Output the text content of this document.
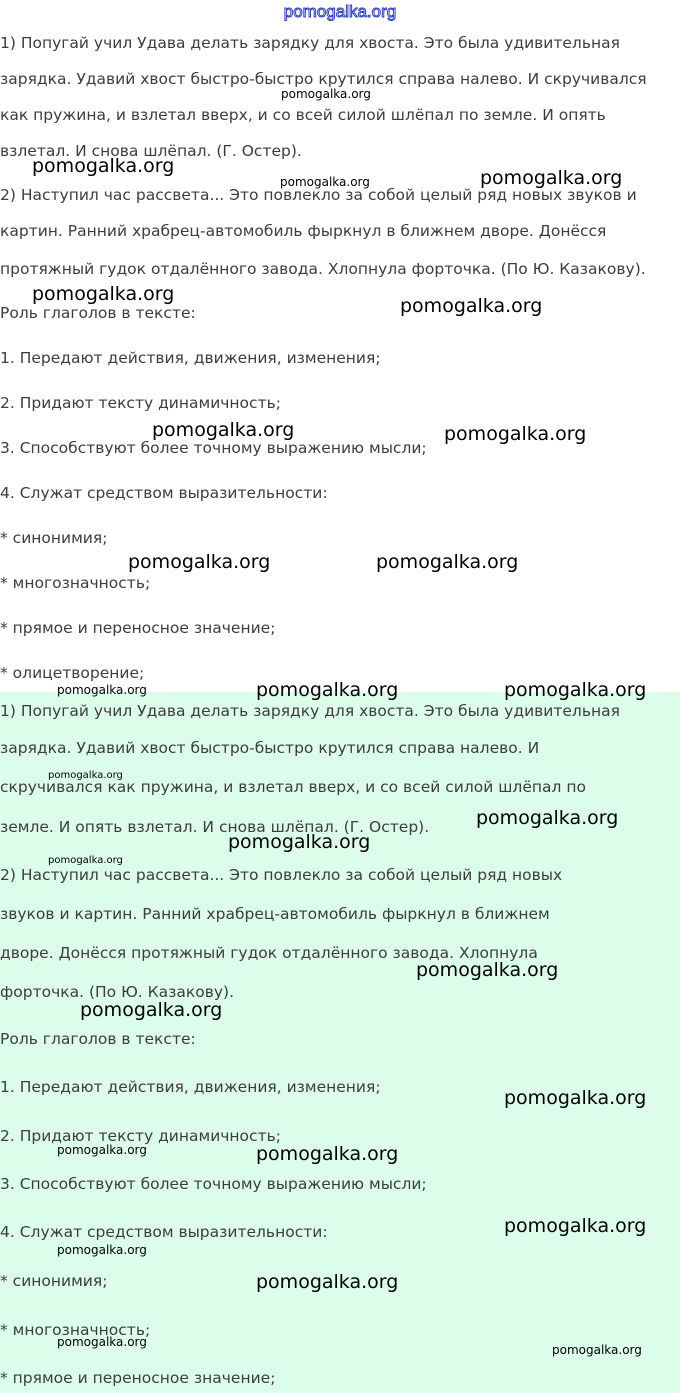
pomogalka.org
1) Попугай учил Удава делать зарядку для хвоста. Это была удивительная
зарядка. Удавий хвост быстро-быстро крутился справа налево. И скручивался
как пружина, и взлетал вверх, и со всей силой шлёпал по земле. И опять
взлетал. И снова шлёпал. (Г. Остер).
2) Наступил час рассвета... Это повлекло за собой целый ряд новых звуков и
картин. Ранний храбрец-автомобиль фыркнул в ближнем дворе. Донёсся
протяжный гудок отдалённого завода. Хлопнула форточка. (По Ю. Казакову).
Роль глаголов в тексте:
1. Передают действия, движения, изменения;
2. Придают тексту динамичность;
3. Способствуют более точному выражению мысли;
4. Служат средством выразительности:
* синонимия;
* многозначность;
* прямое и переносное значение;
* олицетворение;
1) Попугай учил Удава делать зарядку для хвоста. Это была удивительная
зарядка. Удавий хвост быстро-быстро крутился справа налево. И
скручивался как пружина, и взлетал вверх, и со всей силой шлёпал по
земле. И опять взлетал. И снова шлёпал. (Г. Остер).
2) Наступил час рассвета... Это повлекло за собой целый ряд новых
звуков и картин. Ранний храбрец-автомобиль фыркнул в ближнем
дворе. Донёсся протяжный гудок отдалённого завода. Хлопнула
форточка. (По Ю. Казакову).
Роль глаголов в тексте:
1. Передают действия, движения, изменения;
2. Придают тексту динамичность;
3. Способствуют более точному выражению мысли;
4. Служат средством выразительности:
* синонимия;
* многозначность;
* прямое и переносное значение;
pomogalka.org
pomogalka.org
pomogalka.org	pomogalka.org
pomogalka.org
pomogalka.org
pomogalka.org	pomogalka.org
pomogalka.org	pomogalka.org
pomogalka.org	pomogalka.org	pomogalka.org
pomogalka.org
pomogalka.org
pomogalka.org
pomogalka.org
pomogalka.org
pomogalka.org
pomogalka.org
pomogalka.org	pomogalka.org
pomogalka.org
pomogalka.org
pomogalka.org
pomogalka.org
pomogalka.org
